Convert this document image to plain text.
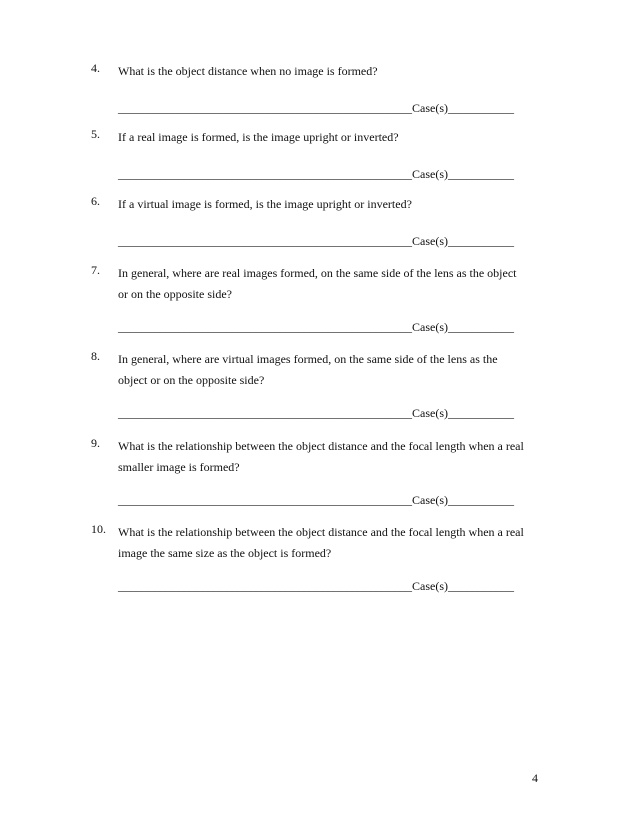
4.	What is the object distance when no image is formed?
_________________________________________________Case(s)___________
5.	If a real image is formed, is the image upright or inverted?
_________________________________________________Case(s)___________
6.	If a virtual image is formed, is the image upright or inverted?
_________________________________________________Case(s)___________
7.	In general, where are real images formed, on the same side of the lens as the object
or on the opposite side?
_________________________________________________Case(s)___________
8.	In general, where are virtual images formed, on the same side of the lens as the
object or on the opposite side?
_________________________________________________Case(s)___________
9.	What is the relationship between the object distance and the focal length when a real
smaller image is formed?
_________________________________________________Case(s)___________
10.	What is the relationship between the object distance and the focal length when a real
image the same size as the object is formed?
_________________________________________________Case(s)___________
4
